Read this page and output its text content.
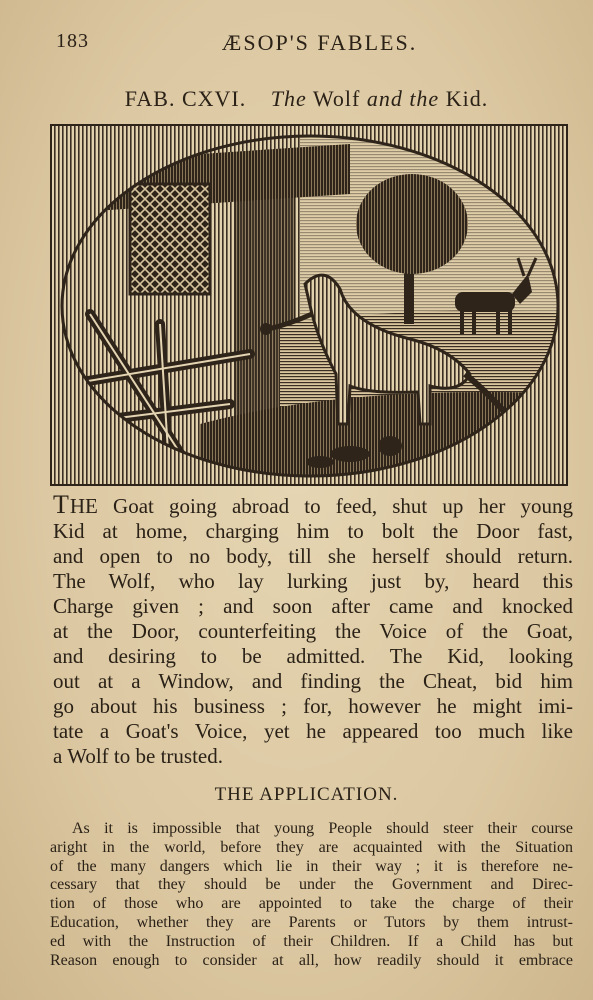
183	ÆSOP'S FABLES.
FAB. CXVI. The Wolf and the Kid.
THE Goat going abroad to feed, shut up her young
Kid at home, charging him to bolt the Door fast,
and open to no body, till she herself should return.
The Wolf, who lay lurking just by, heard this
Charge given ; and soon after came and knocked
at the Door, counterfeiting the Voice of the Goat,
and desiring to be admitted. The Kid, looking
out at a Window, and finding the Cheat, bid him
go about his business ; for, however he might imi-
tate a Goat's Voice, yet he appeared too much like
a Wolf to be trusted.
THE APPLICATION.
As it is impossible that young People should steer their course
aright in the world, before they are acquainted with the Situation
of the many dangers which lie in their way ; it is therefore ne-
cessary that they should be under the Government and Direc-
tion of those who are appointed to take the charge of their
Education, whether they are Parents or Tutors by them intrust-
ed with the Instruction of their Children. If a Child has but
Reason enough to consider at all, how readily should it embrace
